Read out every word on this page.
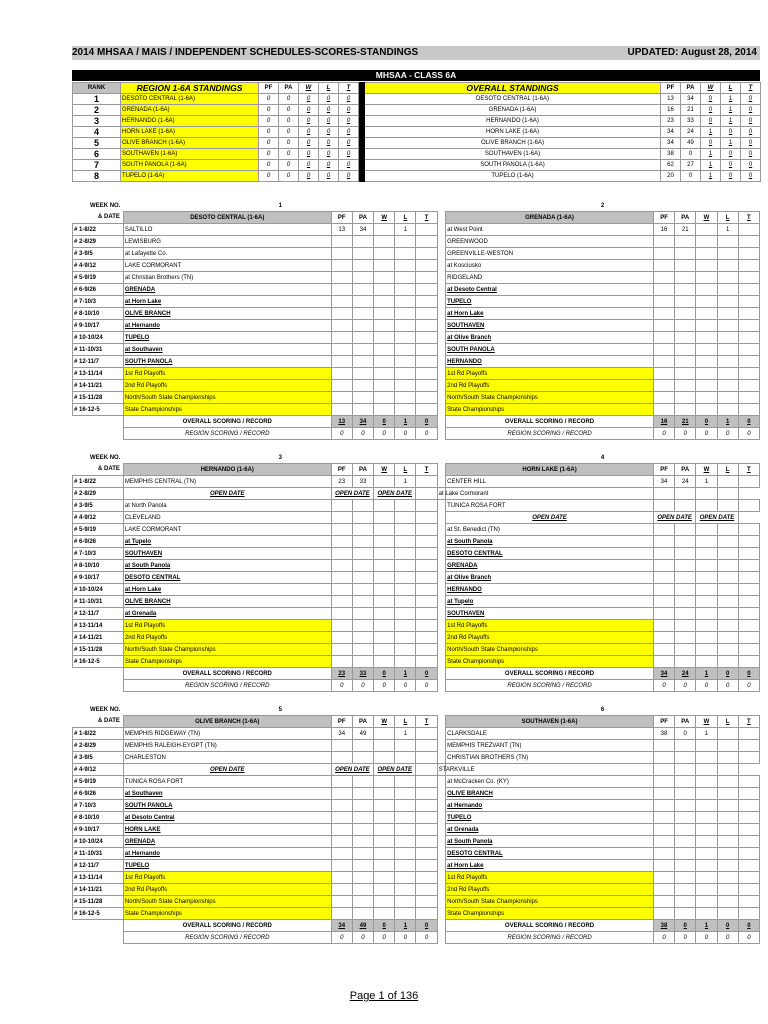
2014 MHSAA / MAIS / INDEPENDENT SCHEDULES-SCORES-STANDINGS	UPDATED: August 28, 2014
MHSAA - CLASS 6A
RANK	REGION 1-6A STANDINGS	PF	PA	W	L	T		OVERALL STANDINGS	PF	PA	W	L	T
1	DESOTO CENTRAL (1-6A)	0	0	0	0	0		DESOTO CENTRAL (1-6A)	13	34	0	1	0
2	GRENADA (1-6A)	0	0	0	0	0		GRENADA (1-6A)	16	21	0	1	0
3	HERNANDO (1-6A)	0	0	0	0	0		HERNANDO (1-6A)	23	33	0	1	0
4	HORN LAKE (1-6A)	0	0	0	0	0		HORN LAKE (1-6A)	34	24	1	0	0
5	OLIVE BRANCH (1-6A)	0	0	0	0	0		OLIVE BRANCH (1-6A)	34	49	0	1	0
6	SOUTHAVEN (1-6A)	0	0	0	0	0		SOUTHAVEN (1-6A)	38	0	1	0	0
7	SOUTH PANOLA (1-6A)	0	0	0	0	0		SOUTH PANOLA (1-6A)	62	27	1	0	0
8	TUPELO (1-6A)	0	0	0	0	0		TUPELO (1-6A)	20	0	1	0	0
WEEK NO.	1							2					
& DATE	DESOTO CENTRAL (1-6A)	PF	PA	W	L	T		GRENADA (1-6A)	PF	PA	W	L	T
# 1-8/22	SALTILLO	13	34		1			at West Point	16	21		1	
# 2-8/29	LEWISBURG							GREENWOOD					
# 3-9/5	at Lafayette Co.							GREENVILLE-WESTON					
# 4-9/12	LAKE CORMORANT							at Kosciusko					
# 5-9/19	at Christian Brothers (TN)							RIDGELAND					
# 6-9/26	GRENADA							at Desoto Central					
# 7-10/3	at Horn Lake							TUPELO					
# 8-10/10	OLIVE BRANCH							at Horn Lake					
# 9-10/17	at Hernando							SOUTHAVEN					
# 10-10/24	TUPELO							at Olive Branch					
# 11-10/31	at Southaven							SOUTH PANOLA					
# 12-11/7	SOUTH PANOLA							HERNANDO					
# 13-11/14	1st Rd Playoffs							1st Rd Playoffs					
# 14-11/21	2nd Rd Playoffs							2nd Rd Playoffs					
# 15-11/28	North/South State Championships							North/South State Championships					
# 16-12-5	State Championships							State Championships					
	OVERALL SCORING / RECORD	13	34	0	1	0		OVERALL SCORING / RECORD	16	21	0	1	0
	REGION SCORING / RECORD	0	0	0	0	0		REGION SCORING / RECORD	0	0	0	0	0
WEEK NO.	3							4					
& DATE	HERNANDO (1-6A)	PF	PA	W	L	T		HORN LAKE (1-6A)	PF	PA	W	L	T
# 1-8/22	MEMPHIS CENTRAL (TN)	23	33		1			CENTER HILL	34	24	1		
# 2-8/29	OPEN DATE	OPEN DATE		OPEN DATE			at Lake Cormorant						
# 3-9/5	at North Panola							TUNICA ROSA FORT					
# 4-9/12	CLEVELAND							OPEN DATE	OPEN DATE		OPEN DATE	
# 5-9/19	LAKE CORMORANT							at St. Benedict (TN)					
# 6-9/26	at Tupelo							at South Panola					
# 7-10/3	SOUTHAVEN							DESOTO CENTRAL					
# 8-10/10	at South Panola							GRENADA					
# 9-10/17	DESOTO CENTRAL							at Olive Branch					
# 10-10/24	at Horn Lake							HERNANDO					
# 11-10/31	OLIVE BRANCH							at Tupelo					
# 12-11/7	at Grenada							SOUTHAVEN					
# 13-11/14	1st Rd Playoffs							1st Rd Playoffs					
# 14-11/21	2nd Rd Playoffs							2nd Rd Playoffs					
# 15-11/28	North/South State Championships							North/South State Championships					
# 16-12-5	State Championships							State Championships					
	OVERALL SCORING / RECORD	23	33	0	1	0		OVERALL SCORING / RECORD	34	24	1	0	0
	REGION SCORING / RECORD	0	0	0	0	0		REGION SCORING / RECORD	0	0	0	0	0
WEEK NO.	5							6					
& DATE	OLIVE BRANCH (1-6A)	PF	PA	W	L	T		SOUTHAVEN (1-6A)	PF	PA	W	L	T
# 1-8/22	MEMPHIS RIDGEWAY (TN)	34	49		1			CLARKSDALE	38	0	1		
# 2-8/29	MEMPHIS RALEIGH-EYGPT (TN)							MEMPHIS TREZVANT (TN)					
# 3-9/5	CHARLESTON							CHRISTIAN BROTHERS (TN)					
# 4-9/12	OPEN DATE	OPEN DATE		OPEN DATE			STARKVILLE						
# 5-9/19	TUNICA ROSA FORT							at McCracken Co. (KY)					
# 6-9/26	at Southaven							OLIVE BRANCH					
# 7-10/3	SOUTH PANOLA							at Hernando					
# 8-10/10	at Desoto Central							TUPELO					
# 9-10/17	HORN LAKE							at Grenada					
# 10-10/24	GRENADA							at South Panola					
# 11-10/31	at Hernando							DESOTO CENTRAL					
# 12-11/7	TUPELO							at Horn Lake					
# 13-11/14	1st Rd Playoffs							1st Rd Playoffs					
# 14-11/21	2nd Rd Playoffs							2nd Rd Playoffs					
# 15-11/28	North/South State Championships							North/South State Championships					
# 16-12-5	State Championships							State Championships					
	OVERALL SCORING / RECORD	34	49	0	1	0		OVERALL SCORING / RECORD	38	0	1	0	0
	REGION SCORING / RECORD	0	0	0	0	0		REGION SCORING / RECORD	0	0	0	0	0
Page 1 of 136
